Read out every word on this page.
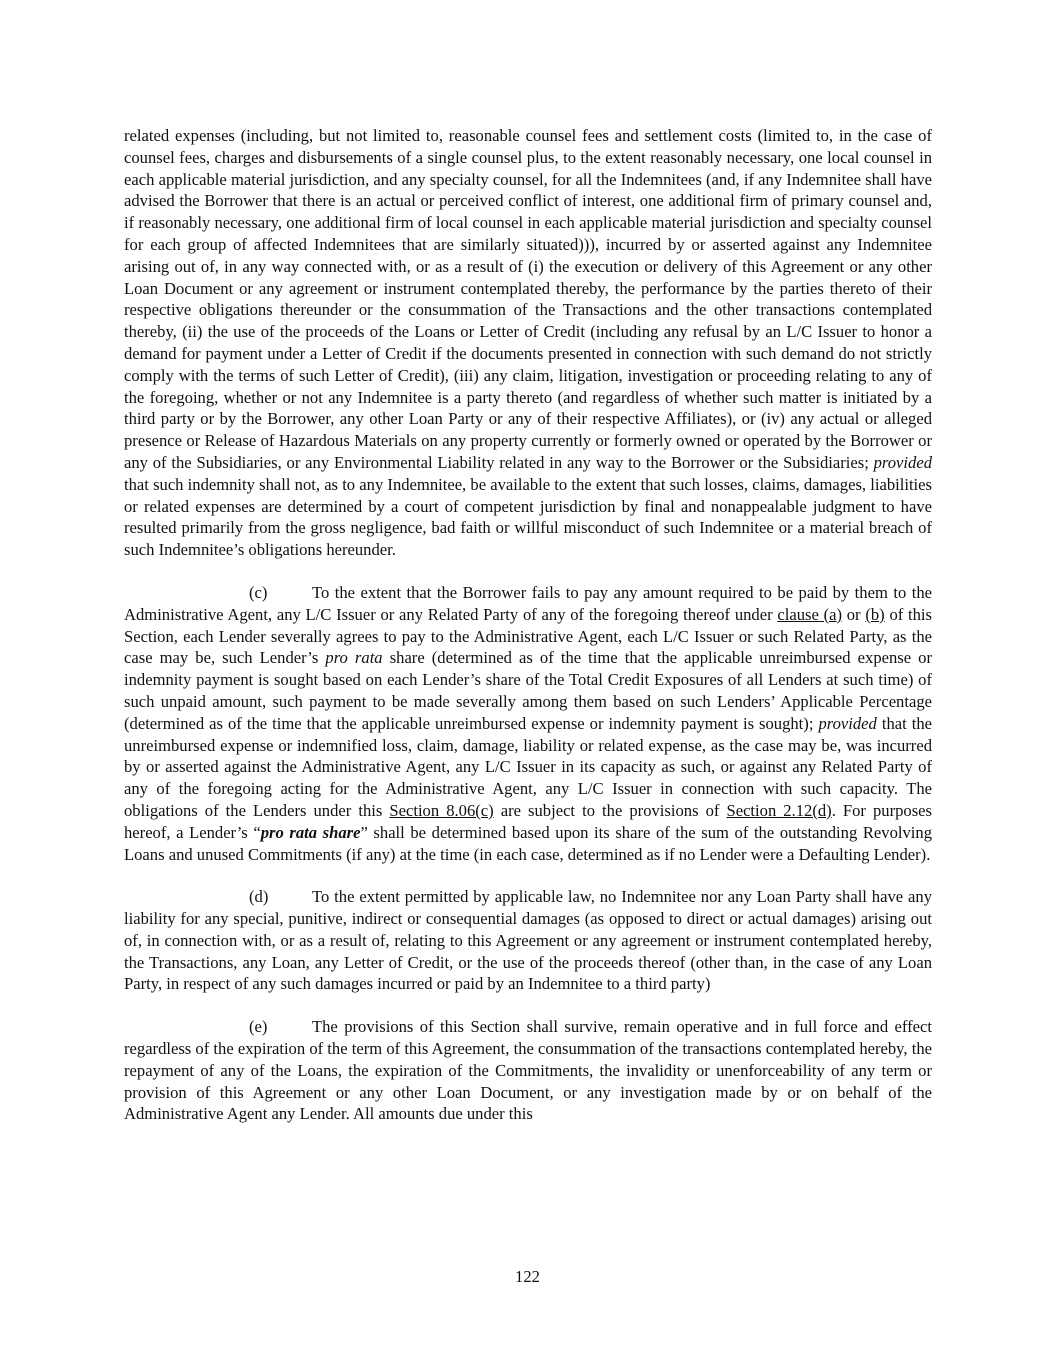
related expenses (including, but not limited to, reasonable counsel fees and settlement costs (limited to, in the case of counsel fees, charges and disbursements of a single counsel plus, to the extent reasonably necessary, one local counsel in each applicable material jurisdiction, and any specialty counsel, for all the Indemnitees (and, if any Indemnitee shall have advised the Borrower that there is an actual or perceived conflict of interest, one additional firm of primary counsel and, if reasonably necessary, one additional firm of local counsel in each applicable material jurisdiction and specialty counsel for each group of affected Indemnitees that are similarly situated))), incurred by or asserted against any Indemnitee arising out of, in any way connected with, or as a result of (i) the execution or delivery of this Agreement or any other Loan Document or any agreement or instrument contemplated thereby, the performance by the parties thereto of their respective obligations thereunder or the consummation of the Transactions and the other transactions contemplated thereby, (ii) the use of the proceeds of the Loans or Letter of Credit (including any refusal by an L/C Issuer to honor a demand for payment under a Letter of Credit if the documents presented in connection with such demand do not strictly comply with the terms of such Letter of Credit), (iii) any claim, litigation, investigation or proceeding relating to any of the foregoing, whether or not any Indemnitee is a party thereto (and regardless of whether such matter is initiated by a third party or by the Borrower, any other Loan Party or any of their respective Affiliates), or (iv) any actual or alleged presence or Release of Hazardous Materials on any property currently or formerly owned or operated by the Borrower or any of the Subsidiaries, or any Environmental Liability related in any way to the Borrower or the Subsidiaries; provided that such indemnity shall not, as to any Indemnitee, be available to the extent that such losses, claims, damages, liabilities or related expenses are determined by a court of competent jurisdiction by final and nonappealable judgment to have resulted primarily from the gross negligence, bad faith or willful misconduct of such Indemnitee or a material breach of such Indemnitee’s obligations hereunder.

(c)	To the extent that the Borrower fails to pay any amount required to be paid by them to the Administrative Agent, any L/C Issuer or any Related Party of any of the foregoing thereof under clause (a) or (b) of this Section, each Lender severally agrees to pay to the Administrative Agent, each L/C Issuer or such Related Party, as the case may be, such Lender’s pro rata share (determined as of the time that the applicable unreimbursed expense or indemnity payment is sought based on each Lender’s share of the Total Credit Exposures of all Lenders at such time) of such unpaid amount, such payment to be made severally among them based on such Lenders’ Applicable Percentage (determined as of the time that the applicable unreimbursed expense or indemnity payment is sought); provided that the unreimbursed expense or indemnified loss, claim, damage, liability or related expense, as the case may be, was incurred by or asserted against the Administrative Agent, any L/C Issuer in its capacity as such, or against any Related Party of any of the foregoing acting for the Administrative Agent, any L/C Issuer in connection with such capacity. The obligations of the Lenders under this Section 8.06(c) are subject to the provisions of Section 2.12(d). For purposes hereof, a Lender’s “pro rata share” shall be determined based upon its share of the sum of the outstanding Revolving Loans and unused Commitments (if any) at the time (in each case, determined as if no Lender were a Defaulting Lender).

(d)	To the extent permitted by applicable law, no Indemnitee nor any Loan Party shall have any liability for any special, punitive, indirect or consequential damages (as opposed to direct or actual damages) arising out of, in connection with, or as a result of, relating to this Agreement or any agreement or instrument contemplated hereby, the Transactions, any Loan, any Letter of Credit, or the use of the proceeds thereof (other than, in the case of any Loan Party, in respect of any such damages incurred or paid by an Indemnitee to a third party)

(e)	The provisions of this Section shall survive, remain operative and in full force and effect regardless of the expiration of the term of this Agreement, the consummation of the transactions contemplated hereby, the repayment of any of the Loans, the expiration of the Commitments, the invalidity or unenforceability of any term or provision of this Agreement or any other Loan Document, or any investigation made by or on behalf of the Administrative Agent any Lender. All amounts due under this

122
